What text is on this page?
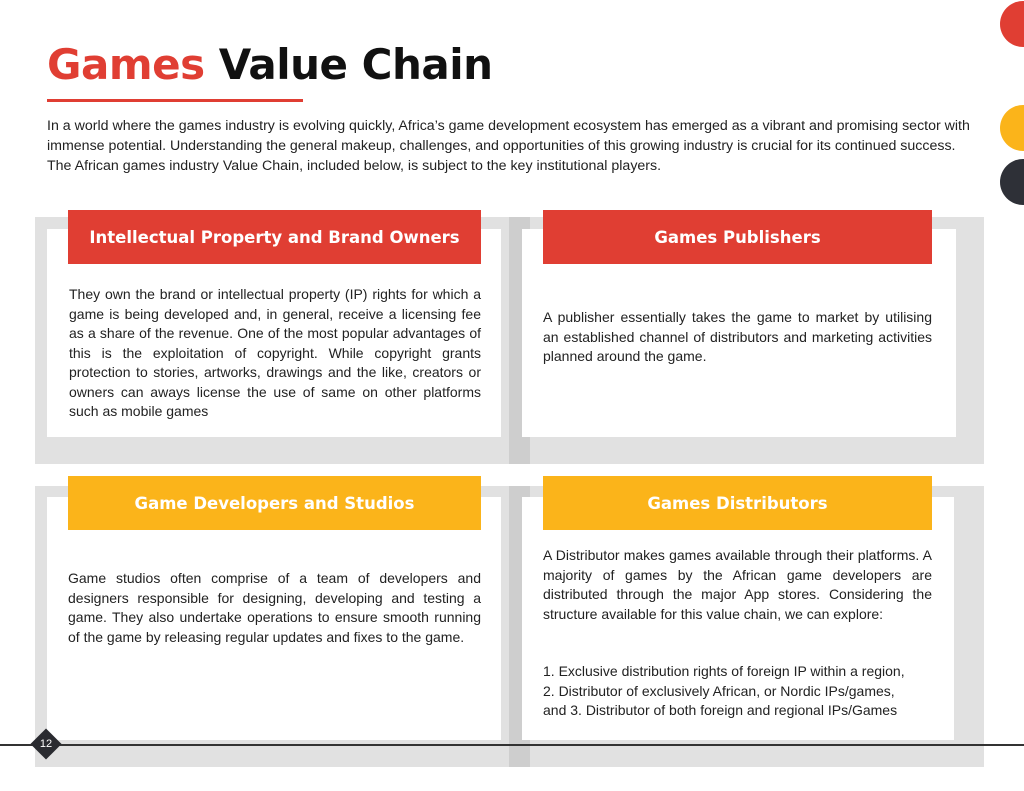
Games Value Chain

In a world where the games industry is evolving quickly, Africa’s game development ecosystem has emerged as a vibrant and promising sector with immense potential. Understanding the general makeup, challenges, and opportunities of this growing industry is crucial for its continued success. The African games industry Value Chain, included below, is subject to the key institutional players.

Intellectual Property and Brand Owners

They own the brand or intellectual property (IP) rights for which a game is being developed and, in general, receive a licensing fee as a share of the revenue. One of the most popular advantages of this is the exploitation of copyright. While copyright grants protection to stories, artworks, drawings and the like, creators or owners can aways license the use of same on other platforms such as mobile games

Games Publishers

A publisher essentially takes the game to market by utilising an established channel of distributors and marketing activities planned around the game.

Game Developers and Studios

Game studios often comprise of a team of developers and designers responsible for designing, developing and testing a game. They also undertake operations to ensure smooth running of the game by releasing regular updates and fixes to the game.

Games Distributors

A Distributor makes games available through their platforms. A majority of games by the African game developers are distributed through the major App stores. Considering the structure available for this value chain, we can explore:

1. Exclusive distribution rights of foreign IP within a region,
2. Distributor of exclusively African, or Nordic IPs/games,
and 3. Distributor of both foreign and regional IPs/Games
12
